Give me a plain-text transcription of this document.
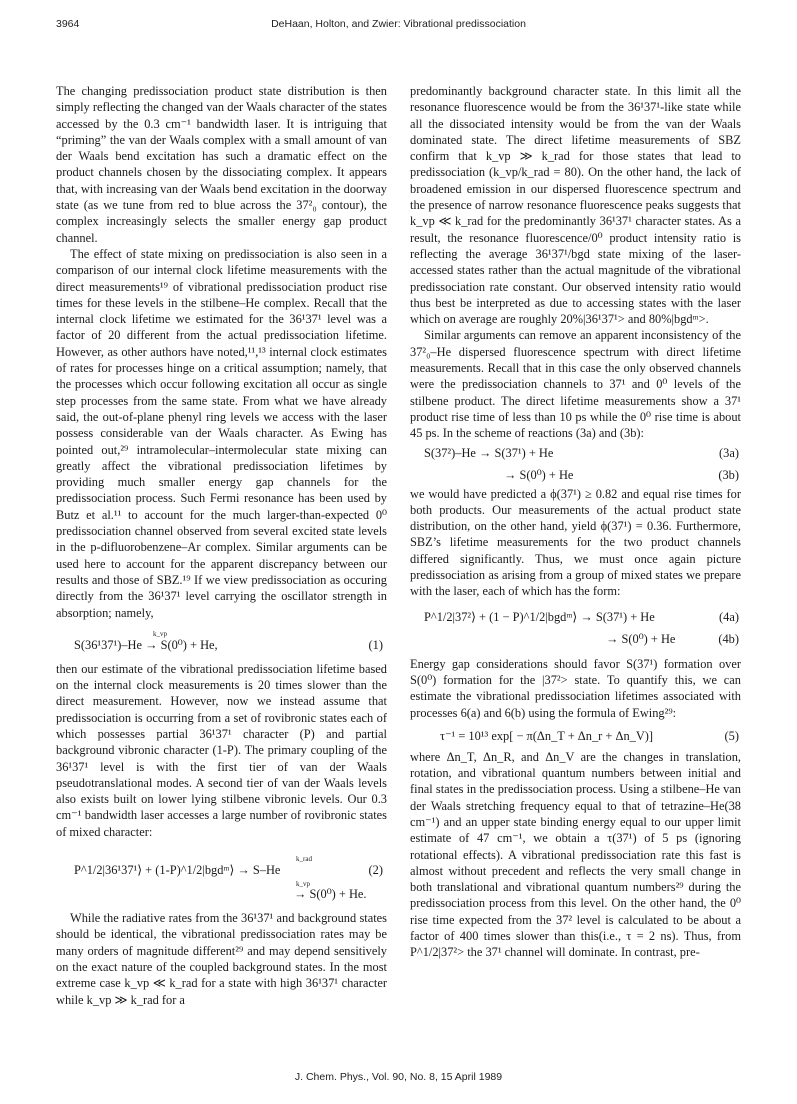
3964	DeHaan, Holton, and Zwier: Vibrational predissociation

The changing predissociation product state distribution is then simply reflecting the changed van der Waals character of the states accessed by the 0.3 cm⁻¹ bandwidth laser. It is intriguing that “priming” the van der Waals complex with a small amount of van der Waals bend excitation has such a dramatic effect on the product channels chosen by the dissociating complex. It appears that, with increasing van der Waals bend excitation in the doorway state (as we tune from red to blue across the 37²₀ contour), the complex increasingly selects the smaller energy gap product channel.

The effect of state mixing on predissociation is also seen in a comparison of our internal clock lifetime measurements with the direct measurements¹⁹ of vibrational predissociation product rise times for these levels in the stilbene–He complex. Recall that the internal clock lifetime we estimated for the 36¹37¹ level was a factor of 20 different from the actual predissociation lifetime. However, as other authors have noted,¹¹,¹³ internal clock estimates of rates for processes hinge on a critical assumption; namely, that the processes which occur following excitation all occur as single step processes from the same state. From what we have already said, the out-of-plane phenyl ring levels we access with the laser possess considerable van der Waals character. As Ewing has pointed out,²⁹ intramolecular–intermolecular state mixing can greatly affect the vibrational predissociation lifetimes by providing much smaller energy gap channels for the predissociation process. Such Fermi resonance has been used by Butz et al.¹¹ to account for the much larger-than-expected 0⁰ predissociation channel observed from several excited state levels in the p-difluorobenzene–Ar complex. Similar arguments can be used here to account for the apparent discrepancy between our results and those of SBZ.¹⁹ If we view predissociation as occuring directly from the 36¹37¹ level carrying the oscillator strength in absorption; namely,

k_vp
S(36¹37¹)–He → S(0⁰) + He,	(1)

then our estimate of the vibrational predissociation lifetime based on the internal clock measurements is 20 times slower than the direct measurement. However, now we instead assume that predissociation is occurring from a set of rovibronic states each of which possesses partial 36¹37¹ character (P) and partial background vibronic character (1-P). The primary coupling of the 36¹37¹ level is with the first tier of van der Waals pseudotranslational modes. A second tier of van der Waals levels also exists built on lower lying stilbene vibronic levels. Our 0.3 cm⁻¹ bandwidth laser accesses a large number of rovibronic states of mixed character:

k_rad
P^1/2|36¹37¹⟩ + (1-P)^1/2|bgdᵐ⟩ → S–He	(2)
k_vp
→ S(0⁰) + He.

While the radiative rates from the 36¹37¹ and background states should be identical, the vibrational predissociation rates may be many orders of magnitude different²⁹ and may depend sensitively on the exact nature of the coupled background states. In the most extreme case k_vp ≪ k_rad for a state with high 36¹37¹ character while k_vp ≫ k_rad for a

predominantly background character state. In this limit all the resonance fluorescence would be from the 36¹37¹-like state while all the dissociated intensity would be from the van der Waals dominated state. The direct lifetime measurements of SBZ confirm that k_vp ≫ k_rad for those states that lead to predissociation (k_vp/k_rad = 80). On the other hand, the lack of broadened emission in our dispersed fluorescence spectrum and the presence of narrow resonance fluorescence peaks suggests that k_vp ≪ k_rad for the predominantly 36¹37¹ character states. As a result, the resonance fluorescence/0⁰ product intensity ratio is reflecting the average 36¹37¹/bgd state mixing of the laser-accessed states rather than the actual magnitude of the vibrational predissociation rate constant. Our observed intensity ratio would thus best be interpreted as due to accessing states with the laser which on average are roughly 20%|36¹37¹> and 80%|bgdᵐ>.

Similar arguments can remove an apparent inconsistency of the 37²₀–He dispersed fluorescence spectrum with direct lifetime measurements. Recall that in this case the only observed channels were the predissociation channels to 37¹ and 0⁰ levels of the stilbene product. The direct lifetime measurements show a 37¹ product rise time of less than 10 ps while the 0⁰ rise time is about 45 ps. In the scheme of reactions (3a) and (3b):

S(37²)–He → S(37¹) + He	(3a)
→ S(0⁰) + He	(3b)

we would have predicted a ϕ(37¹) ≥ 0.82 and equal rise times for both products. Our measurements of the actual product state distribution, on the other hand, yield ϕ(37¹) = 0.36. Furthermore, SBZ’s lifetime measurements for the two product channels differed significantly. Thus, we must once again picture predissociation as arising from a group of mixed states we prepare with the laser, each of which has the form:

P^1/2|37²⟩ + (1 − P)^1/2|bgdᵐ⟩ → S(37¹) + He	(4a)
→ S(0⁰) + He	(4b)

Energy gap considerations should favor S(37¹) formation over S(0⁰) formation for the |37²> state. To quantify this, we can estimate the vibrational predissociation lifetimes associated with processes 6(a) and 6(b) using the formula of Ewing²⁹:

τ⁻¹ = 10¹³ exp[ − π(Δn_T + Δn_r + Δn_V)]	(5)

where Δn_T, Δn_R, and Δn_V are the changes in translation, rotation, and vibrational quantum numbers between initial and final states in the predissociation process. Using a stilbene–He van der Waals stretching frequency equal to that of tetrazine–He(38 cm⁻¹) and an upper state binding energy equal to our upper limit estimate of 47 cm⁻¹, we obtain a τ(37¹) of 5 ps (ignoring rotational effects). A vibrational predissociation rate this fast is almost without precedent and reflects the very small change in both translational and vibrational quantum numbers²⁹ during the predissociation process from this level. On the other hand, the 0⁰ rise time expected from the 37² level is calculated to be about a factor of 400 times slower than this(i.e., τ = 2 ns). Thus, from P^1/2|37²> the 37¹ channel will dominate. In contrast, pre-

J. Chem. Phys., Vol. 90, No. 8, 15 April 1989
